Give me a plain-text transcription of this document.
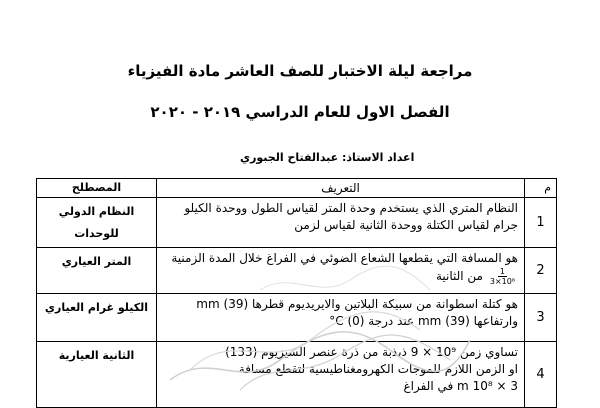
مراجعة ليلة الاختبار للصف العاشر مادة الفيزياء
الفصل الاول للعام الدراسي ٢٠١٩ - ٢٠٢٠
اعداد الاستاذ: عبدالفتاح الجبوري
م	التعريف	المصطلح
1	النظام المتري الذي يستخدم وحدة المتر لقياس الطول ووحدة الكيلو جرام لقياس الكتلة ووحدة الثانية لقياس لزمن	النظام الدولي للوحدات
2	هو المسافة التي يقطعها الشعاع الضوئي في الفراغ خلال المدة الزمنية
$\frac{1}{\text{3×10⁸}}$
من الثانية	المتر العياري
3	هو كتلة اسطوانة من سبيكة البلاتين والايريديوم قطرها (39) mm
وارتفاعها (39) mm عند درجة (0) C°	الكيلو غرام العياري
4	تساوي زمن 10⁹ × 9 ذبذبة من ذرة عنصر السيزيوم (133)
او الزمن اللازم للموجات الكهرومغناطيسية لتقطع مسافة
3 × 10⁸ m في الفراغ	الثانية العيارية
